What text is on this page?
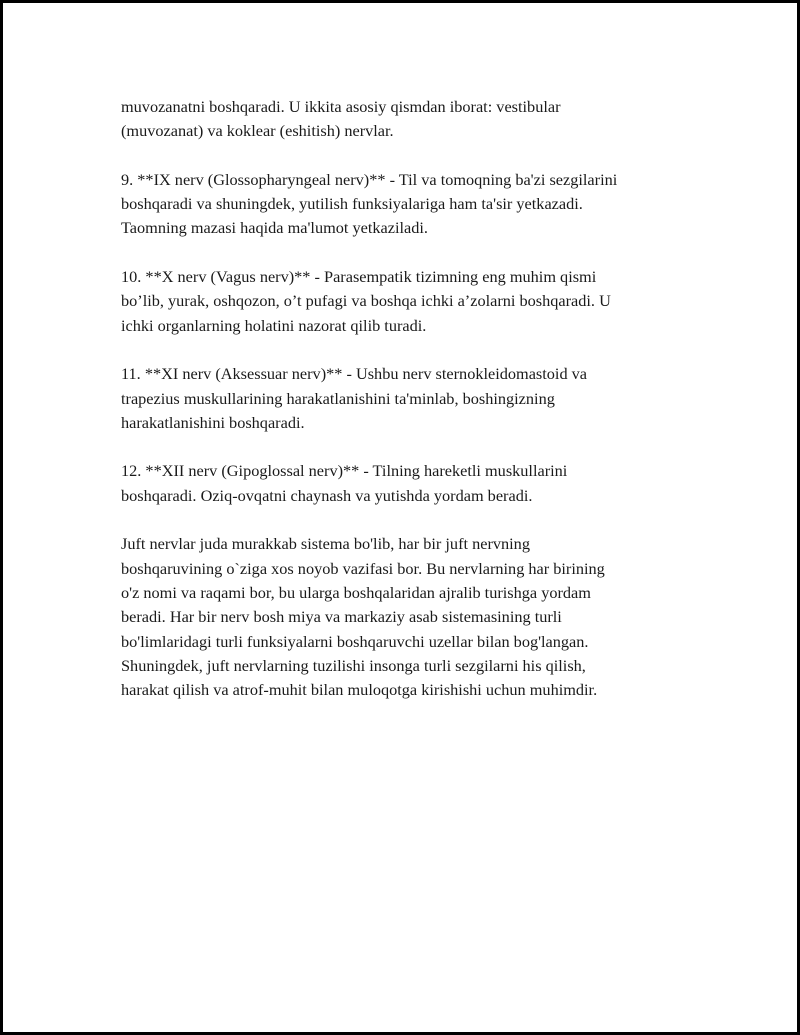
muvozanatni boshqaradi. U ikkita asosiy qismdan iborat: vestibular
(muvozanat) va koklear (eshitish) nervlar.

9. **IX nerv (Glossopharyngeal nerv)** - Til va tomoqning ba'zi sezgilarini
boshqaradi va shuningdek, yutilish funksiyalariga ham ta'sir yetkazadi.
Taomning mazasi haqida ma'lumot yetkaziladi.

10. **X nerv (Vagus nerv)** - Parasempatik tizimning eng muhim qismi
bo’lib, yurak, oshqozon, o’t pufagi va boshqa ichki a’zolarni boshqaradi. U
ichki organlarning holatini nazorat qilib turadi.

11. **XI nerv (Aksessuar nerv)** - Ushbu nerv sternokleidomastoid va
trapezius muskullarining harakatlanishini ta'minlab, boshingizning
harakatlanishini boshqaradi.

12. **XII nerv (Gipoglossal nerv)** - Tilning hareketli muskullarini
boshqaradi. Oziq-ovqatni chaynash va yutishda yordam beradi.

Juft nervlar juda murakkab sistema bo'lib, har bir juft nervning
boshqaruvining o`ziga xos noyob vazifasi bor. Bu nervlarning har birining
o'z nomi va raqami bor, bu ularga boshqalaridan ajralib turishga yordam
beradi. Har bir nerv bosh miya va markaziy asab sistemasining turli
bo'limlaridagi turli funksiyalarni boshqaruvchi uzellar bilan bog'langan.
Shuningdek, juft nervlarning tuzilishi insonga turli sezgilarni his qilish,
harakat qilish va atrof-muhit bilan muloqotga kirishishi uchun muhimdir.
